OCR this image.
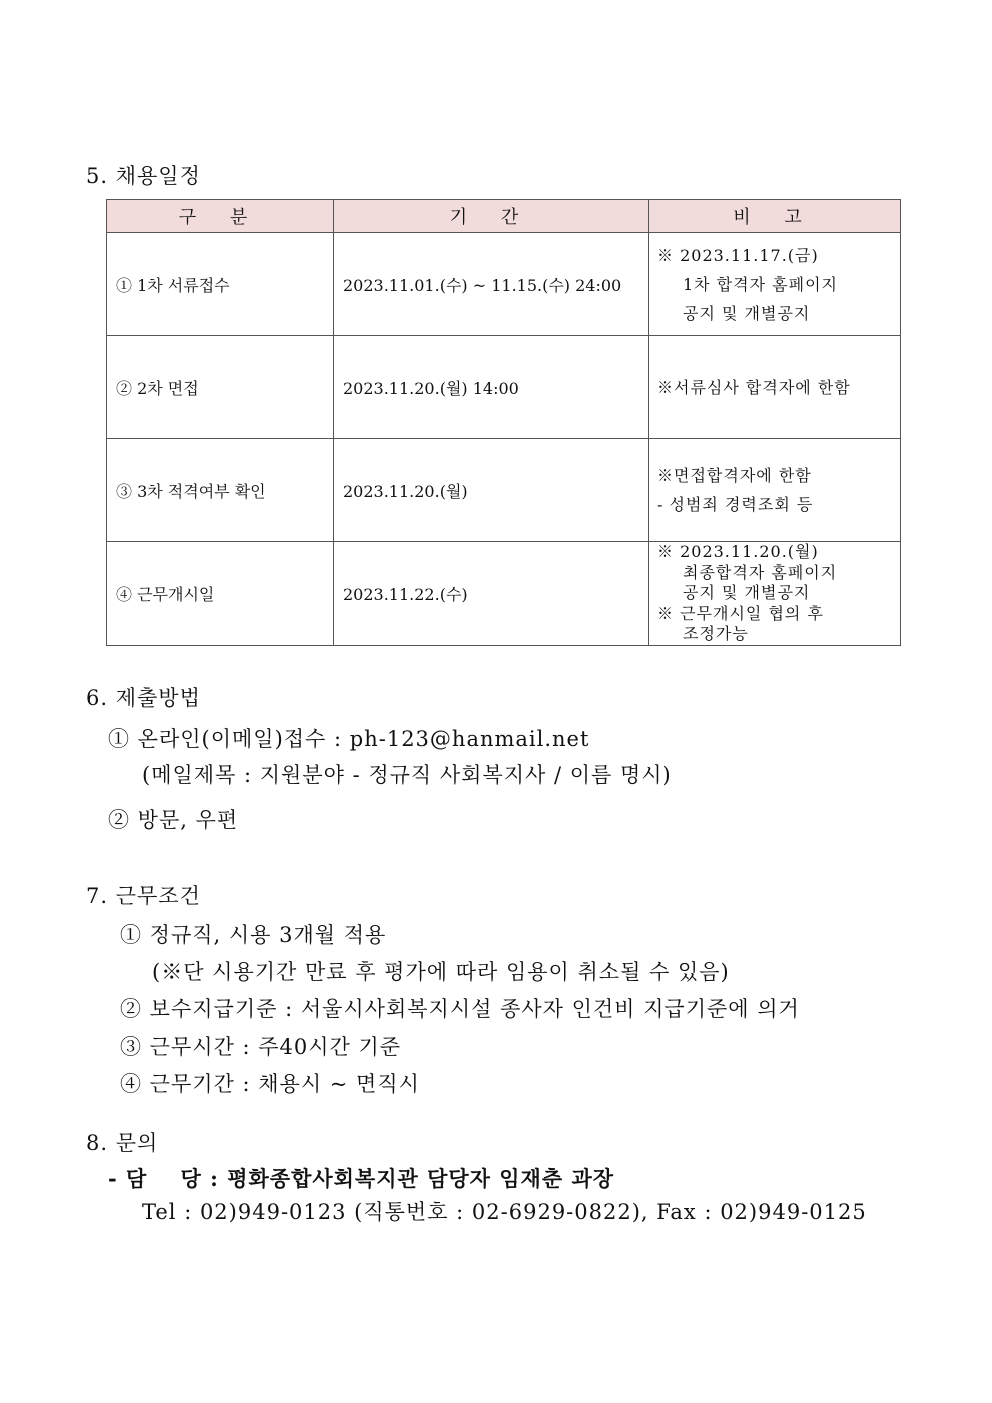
5. 채용일정
구 분	기 간	비 고
① 1차 서류접수	2023.11.01.(수) ~ 11.15.(수) 24:00	※ 2023.11.17.(금)
1차 합격자 홈페이지
공지 및 개별공지

② 2차 면접	2023.11.20.(월) 14:00	※서류심사 합격자에 한함

③ 3차 적격여부 확인	2023.11.20.(월)	※면접합격자에 한함
- 성범죄 경력조회 등

④ 근무개시일	2023.11.22.(수)	※ 2023.11.20.(월)
최종합격자 홈페이지
공지 및 개별공지
※ 근무개시일 협의 후
조정가능
6. 제출방법
① 온라인(이메일)접수 : ph-123@hanmail.net
(메일제목 : 지원분야 - 정규직 사회복지사 / 이름 명시)
② 방문, 우편
7. 근무조건
① 정규직, 시용 3개월 적용
(※단 시용기간 만료 후 평가에 따라 임용이 취소될 수 있음)
② 보수지급기준 : 서울시사회복지시설 종사자 인건비 지급기준에 의거
③ 근무시간 : 주40시간 기준
④ 근무기간 : 채용시 ~ 면직시
8. 문의
- 담    당 : 평화종합사회복지관 담당자 임재춘 과장
Tel : 02)949-0123 (직통번호 : 02-6929-0822), Fax : 02)949-0125
